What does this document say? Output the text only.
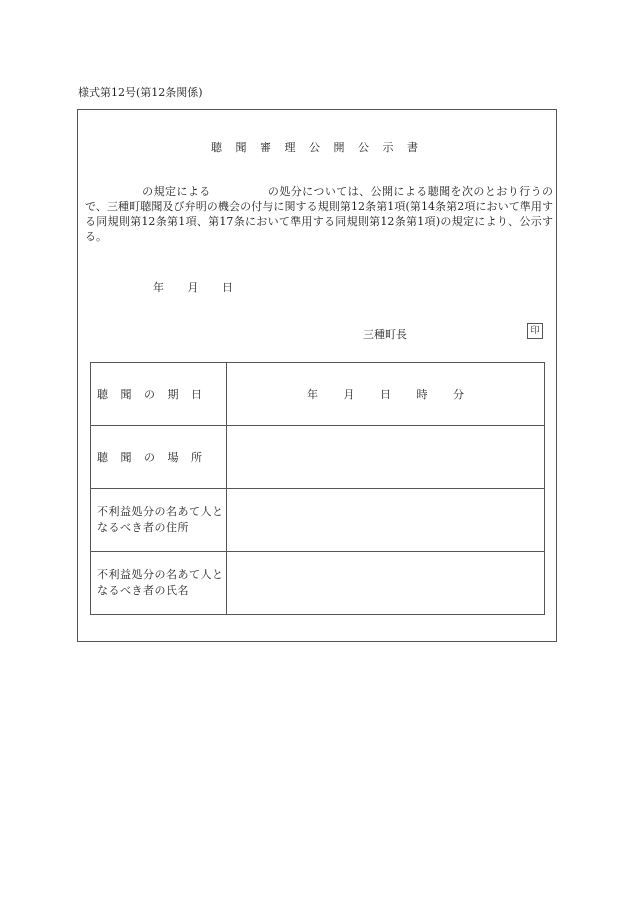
様式第12号(第12条関係)
聴 聞 審 理 公 開 公 示 書
　　　　　の規定による　　　　　の処分については、公開による聴聞を次のとおり行うので、三種町聴聞及び弁明の機会の付与に関する規則第12条第1項(第14条第2項において準用する同規則第12条第1項、第17条において準用する同規則第12条第1項)の規定により、公示する。
年 月 日
三種町長	印
聴 聞 の 期 日	年 月 日 時 分
聴 聞 の 場 所	
不利益処分の名あて人となるべき者の住所	
不利益処分の名あて人となるべき者の氏名	
